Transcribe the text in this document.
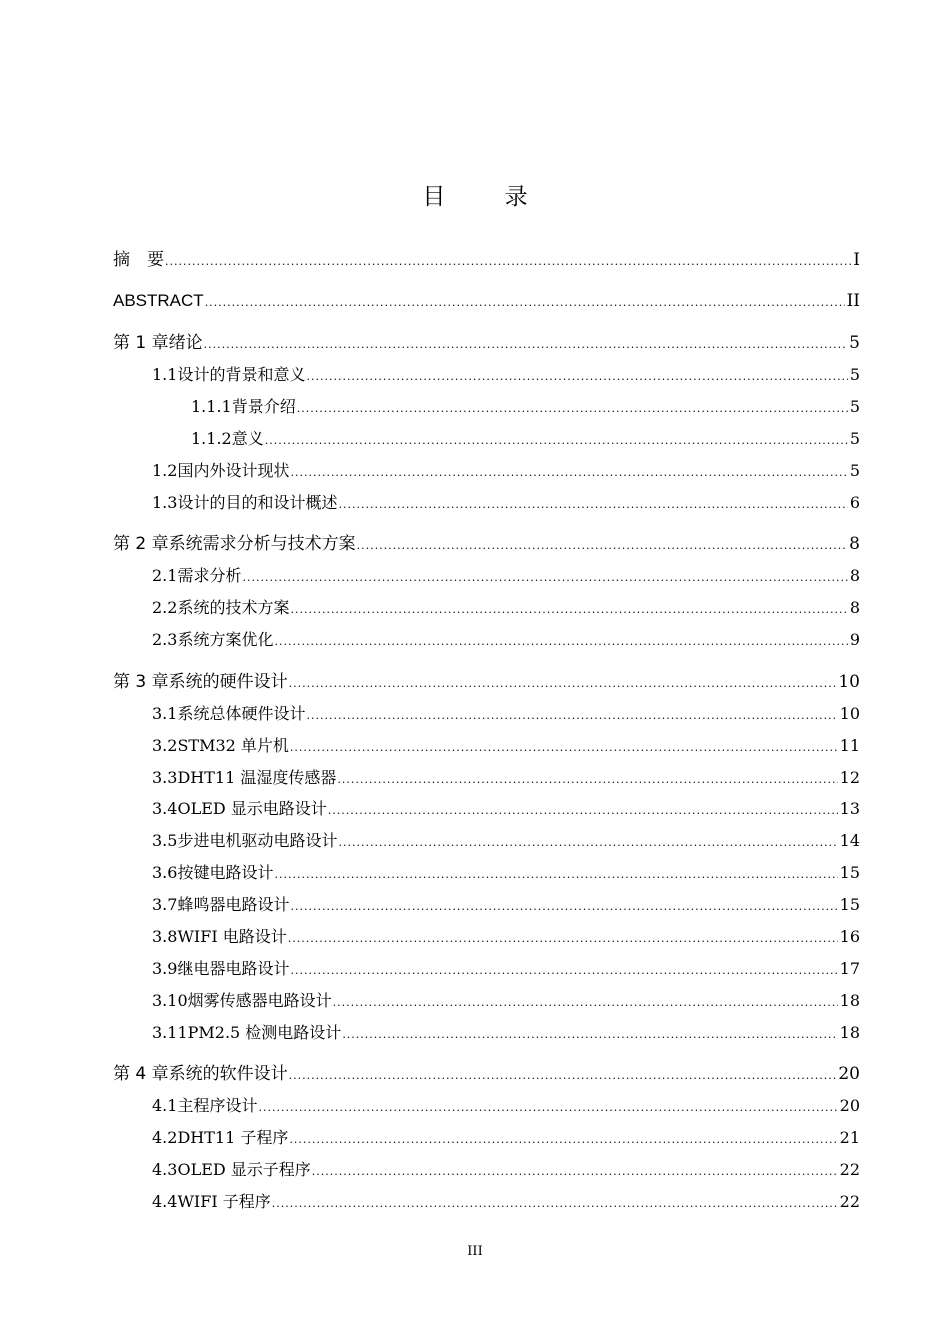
目 录
摘　要 .....	I
ABSTRACT .....	II
第 1 章 绪论 .....	5
1.1 设计的背景和意义 .....	5
1.1.1 背景介绍 .....	5
1.1.2 意义 .....	5
1.2 国内外设计现状 .....	5
1.3 设计的目的和设计概述 .....	6
第 2 章 系统需求分析与技术方案 .....	8
2.1 需求分析 .....	8
2.2 系统的技术方案 .....	8
2.3 系统方案优化 .....	9
第 3 章 系统的硬件设计 .....	10
3.1 系统总体硬件设计 .....	10
3.2 STM32 单片机 .....	11
3.3 DHT11 温湿度传感器 .....	12
3.4 OLED 显示电路设计 .....	13
3.5 步进电机驱动电路设计 .....	14
3.6 按键电路设计 .....	15
3.7 蜂鸣器电路设计 .....	15
3.8 WIFI 电路设计 .....	16
3.9 继电器电路设计 .....	17
3.10 烟雾传感器电路设计 .....	18
3.11 PM2.5 检测电路设计 .....	18
第 4 章 系统的软件设计 .....	20
4.1 主程序设计 .....	20
4.2 DHT11 子程序 .....	21
4.3 OLED 显示子程序 .....	22
4.4 WIFI 子程序 .....	22
III
